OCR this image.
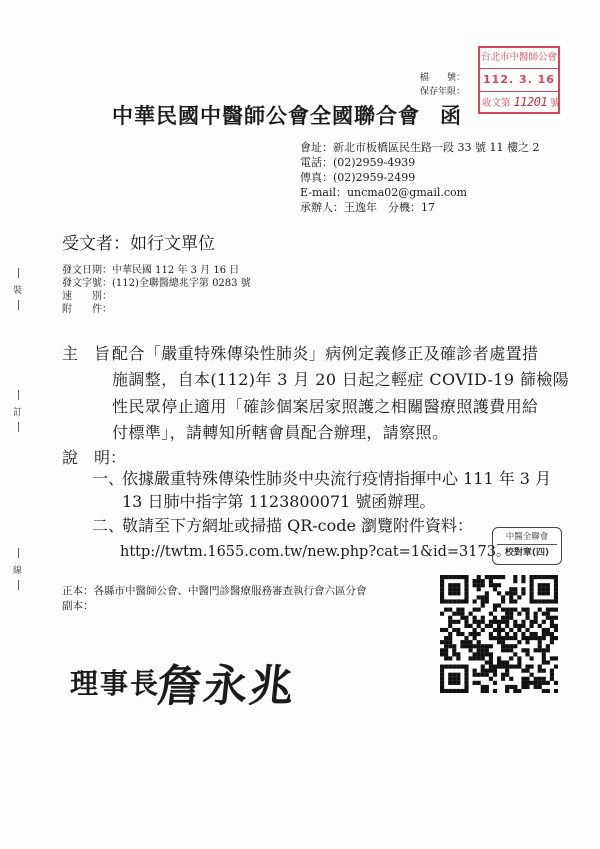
台北市中醫師公會
112. 3. 16
收文第 11201 號
檔　　號：
保存年限：
中華民國中醫師公會全國聯合會 函
會址：新北市板橋區民生路一段 33 號 11 樓之 2
電話：(02)2959-4939
傳真：(02)2959-2499
E-mail：uncma02@gmail.com
承辦人：王逸年　分機：17
受文者：如行文單位
發文日期：中華民國 112 年 3 月 16 日
發文字號：(112)全聯醫總兆字第 0283 號
速　　別：
附　　件：
主　旨：
配合「嚴重特殊傳染性肺炎」病例定義修正及確診者處置措
施調整，自本(112)年 3 月 20 日起之輕症 COVID-19 篩檢陽
性民眾停止適用「確診個案居家照護之相關醫療照護費用給
付標準」，請轉知所轄會員配合辦理，請察照。
說　明：
一、
依據嚴重特殊傳染性肺炎中央流行疫情指揮中心 111 年 3 月
13 日肺中指字第 1123800071 號函辦理。
二、
敬請至下方網址或掃描 QR-code 瀏覽附件資料：
http://twtm.1655.com.tw/new.php?cat=1&id=3173。
中醫全聯會
校對章(四)
正本：各縣市中醫師公會、中醫門診醫療服務審查執行會六區分會
副本：
理事長
詹永兆
裝
訂
線
